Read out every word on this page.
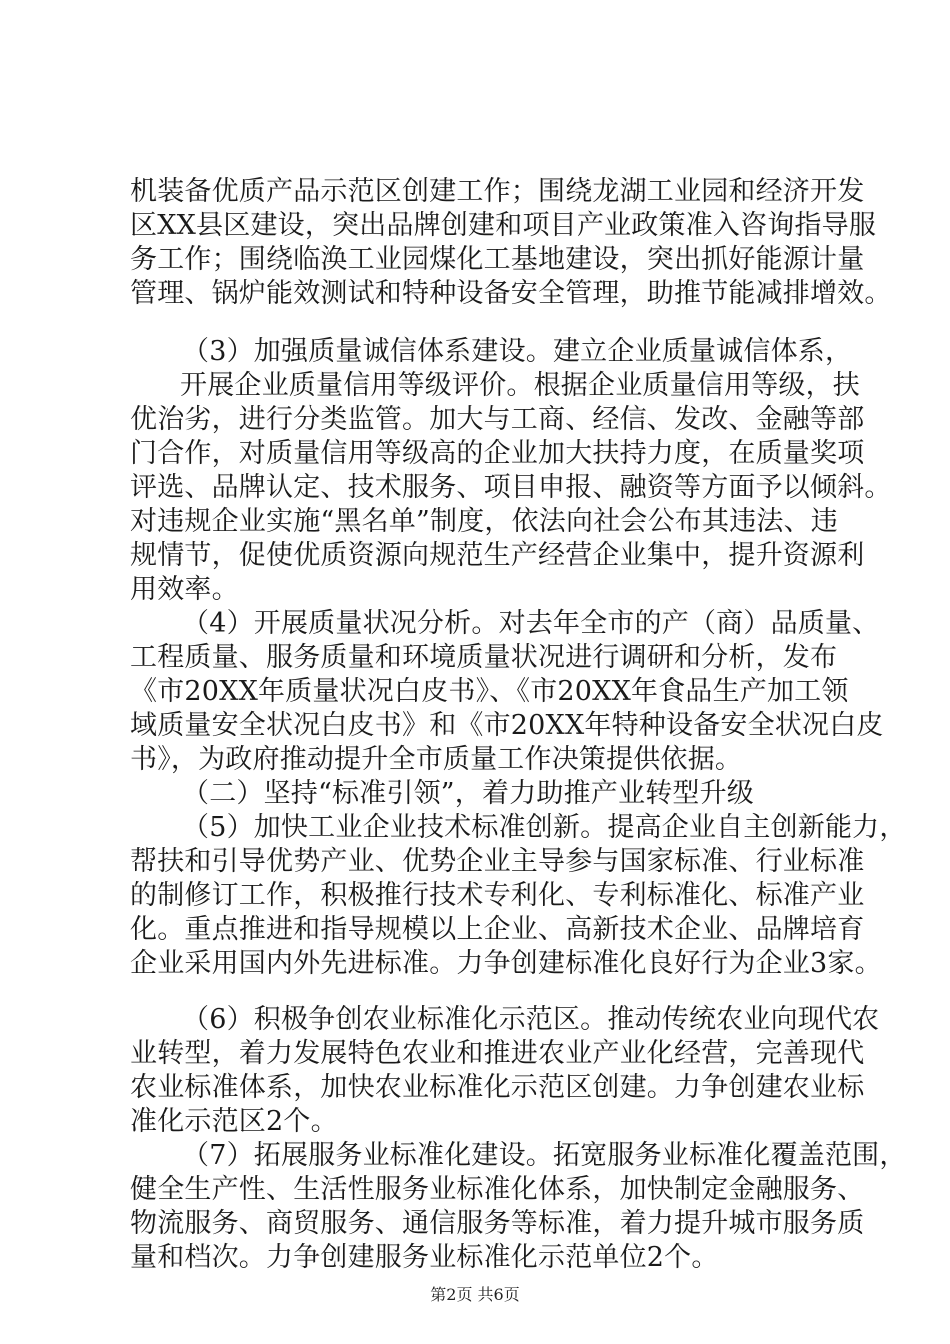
机装备优质产品示范区创建工作；围绕龙湖工业园和经济开发
区XX县区建设，突出品牌创建和项目产业政策准入咨询指导服
务工作；围绕临涣工业园煤化工基地建设，突出抓好能源计量
管理、锅炉能效测试和特种设备安全管理，助推节能减排增效。
（3）加强质量诚信体系建设。建立企业质量诚信体系，
开展企业质量信用等级评价。根据企业质量信用等级，扶
优治劣，进行分类监管。加大与工商、经信、发改、金融等部
门合作，对质量信用等级高的企业加大扶持力度，在质量奖项
评选、品牌认定、技术服务、项目申报、融资等方面予以倾斜。
对违规企业实施“黑名单”制度，依法向社会公布其违法、违
规情节，促使优质资源向规范生产经营企业集中，提升资源利
用效率。
（4）开展质量状况分析。对去年全市的产（商）品质量、
工程质量、服务质量和环境质量状况进行调研和分析，发布
《市20XX年质量状况白皮书》、《市20XX年食品生产加工领
域质量安全状况白皮书》和《市20XX年特种设备安全状况白皮
书》，为政府推动提升全市质量工作决策提供依据。
（二）坚持“标准引领”，着力助推产业转型升级
（5）加快工业企业技术标准创新。提高企业自主创新能力，
帮扶和引导优势产业、优势企业主导参与国家标准、行业标准
的制修订工作，积极推行技术专利化、专利标准化、标准产业
化。重点推进和指导规模以上企业、高新技术企业、品牌培育
企业采用国内外先进标准。力争创建标准化良好行为企业3家。
（6）积极争创农业标准化示范区。推动传统农业向现代农
业转型，着力发展特色农业和推进农业产业化经营，完善现代
农业标准体系，加快农业标准化示范区创建。力争创建农业标
准化示范区2个。
（7）拓展服务业标准化建设。拓宽服务业标准化覆盖范围，
健全生产性、生活性服务业标准化体系，加快制定金融服务、
物流服务、商贸服务、通信服务等标准，着力提升城市服务质
量和档次。力争创建服务业标准化示范单位2个。
第2页 共6页
